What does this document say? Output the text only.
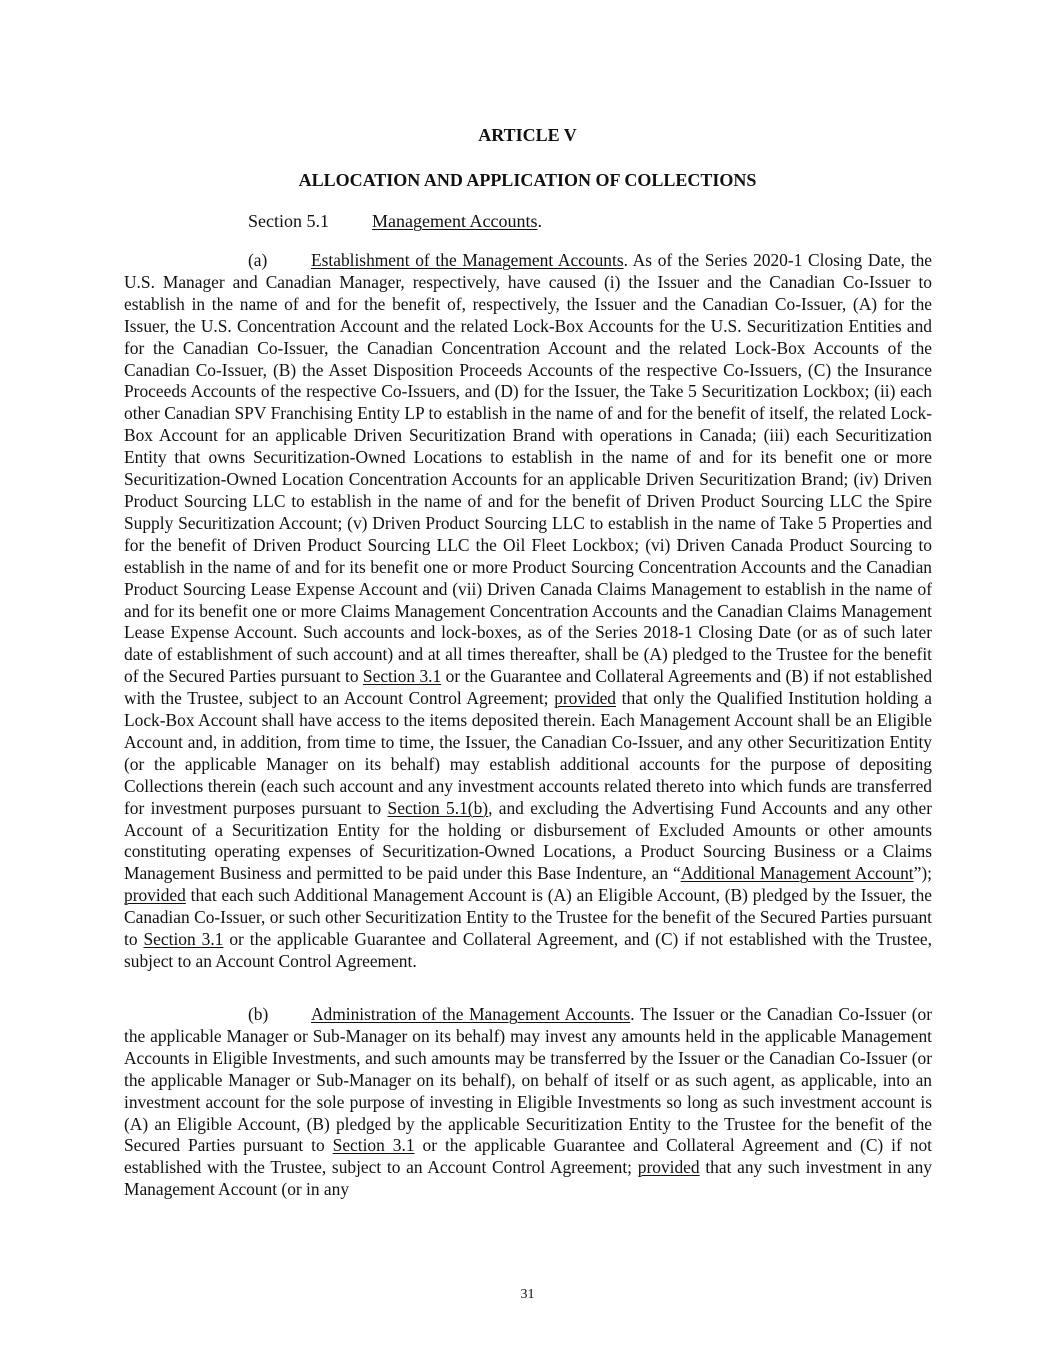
ARTICLE V
ALLOCATION AND APPLICATION OF COLLECTIONS
Section 5.1 Management Accounts.
(a)	Establishment of the Management Accounts. As of the Series 2020-1 Closing Date, the U.S. Manager and Canadian Manager, respectively, have caused (i) the Issuer and the Canadian Co-Issuer to establish in the name of and for the benefit of, respectively, the Issuer and the Canadian Co-Issuer, (A) for the Issuer, the U.S. Concentration Account and the related Lock-Box Accounts for the U.S. Securitization Entities and for the Canadian Co-Issuer, the Canadian Concentration Account and the related Lock-Box Accounts of the Canadian Co-Issuer, (B) the Asset Disposition Proceeds Accounts of the respective Co-Issuers, (C) the Insurance Proceeds Accounts of the respective Co-Issuers, and (D) for the Issuer, the Take 5 Securitization Lockbox; (ii) each other Canadian SPV Franchising Entity LP to establish in the name of and for the benefit of itself, the related Lock-Box Account for an applicable Driven Securitization Brand with operations in Canada; (iii) each Securitization Entity that owns Securitization-Owned Locations to establish in the name of and for its benefit one or more Securitization-Owned Location Concentration Accounts for an applicable Driven Securitization Brand; (iv) Driven Product Sourcing LLC to establish in the name of and for the benefit of Driven Product Sourcing LLC the Spire Supply Securitization Account; (v) Driven Product Sourcing LLC to establish in the name of Take 5 Properties and for the benefit of Driven Product Sourcing LLC the Oil Fleet Lockbox; (vi) Driven Canada Product Sourcing to establish in the name of and for its benefit one or more Product Sourcing Concentration Accounts and the Canadian Product Sourcing Lease Expense Account and (vii) Driven Canada Claims Management to establish in the name of and for its benefit one or more Claims Management Concentration Accounts and the Canadian Claims Management Lease Expense Account. Such accounts and lock-boxes, as of the Series 2018-1 Closing Date (or as of such later date of establishment of such account) and at all times thereafter, shall be (A) pledged to the Trustee for the benefit of the Secured Parties pursuant to Section 3.1 or the Guarantee and Collateral Agreements and (B) if not established with the Trustee, subject to an Account Control Agreement; provided that only the Qualified Institution holding a Lock-Box Account shall have access to the items deposited therein. Each Management Account shall be an Eligible Account and, in addition, from time to time, the Issuer, the Canadian Co-Issuer, and any other Securitization Entity (or the applicable Manager on its behalf) may establish additional accounts for the purpose of depositing Collections therein (each such account and any investment accounts related thereto into which funds are transferred for investment purposes pursuant to Section 5.1(b), and excluding the Advertising Fund Accounts and any other Account of a Securitization Entity for the holding or disbursement of Excluded Amounts or other amounts constituting operating expenses of Securitization-Owned Locations, a Product Sourcing Business or a Claims Management Business and permitted to be paid under this Base Indenture, an “Additional Management Account”); provided that each such Additional Management Account is (A) an Eligible Account, (B) pledged by the Issuer, the Canadian Co-Issuer, or such other Securitization Entity to the Trustee for the benefit of the Secured Parties pursuant to Section 3.1 or the applicable Guarantee and Collateral Agreement, and (C) if not established with the Trustee, subject to an Account Control Agreement.
(b) Administration of the Management Accounts. The Issuer or the Canadian Co-Issuer (or the applicable Manager or Sub-Manager on its behalf) may invest any amounts held in the applicable Management Accounts in Eligible Investments, and such amounts may be transferred by the Issuer or the Canadian Co-Issuer (or the applicable Manager or Sub-Manager on its behalf), on behalf of itself or as such agent, as applicable, into an investment account for the sole purpose of investing in Eligible Investments so long as such investment account is (A) an Eligible Account, (B) pledged by the applicable Securitization Entity to the Trustee for the benefit of the Secured Parties pursuant to Section 3.1 or the applicable Guarantee and Collateral Agreement and (C) if not established with the Trustee, subject to an Account Control Agreement; provided that any such investment in any Management Account (or in any
31
